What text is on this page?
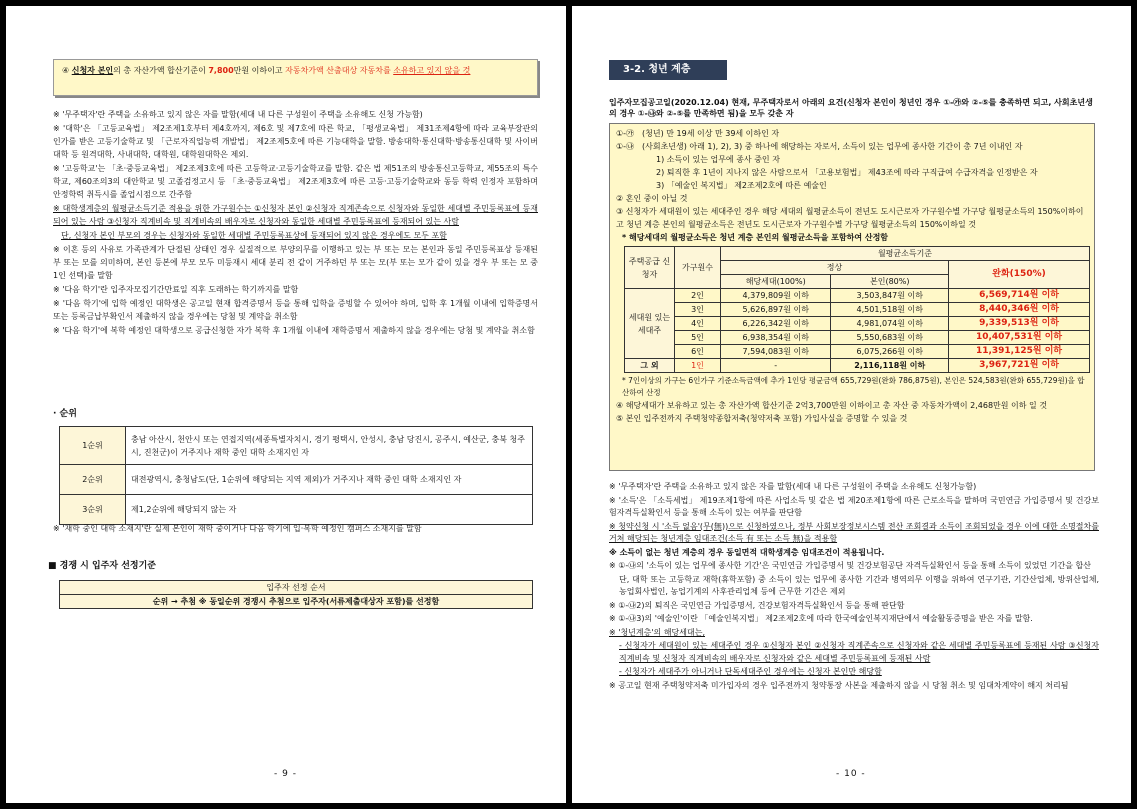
④ 신청자 본인의 총 자산가액 합산기준이 7,800만원 이하이고 자동차가액 산출대상 자동차를 소유하고 있지 않을 것
※ '무주택자'란 주택을 소유하고 있지 않은 자를 말함(세대 내 다른 구성원이 주택을 소유해도 신청 가능함)
※ '대학'은 「고등교육법」 제2조제1호부터 제4호까지, 제6호 및 제7호에 따른 학교, 「평생교육법」 제31조제4항에 따라 교육부장관의 인가를 받은 고등기술학교 및 「근로자직업능력 개발법」 제2조제5호에 따른 기능대학을 말함. 방송대학·통신대학·방송통신대학 및 사이버대학 등 원격대학, 사내대학, 대학원, 대학원대학은 제외.
※ '고등학교'는 「초·중등교육법」 제2조제3호에 따른 고등학교·고등기술학교를 말함. 같은 법 제51조의 방송통신고등학교, 제55조의 특수학교, 제60조의3의 대안학교 및 고졸검정고시 등 「초·중등교육법」 제2조제3호에 따른 고등·고등기술학교와 동등 학력 인정자 포함하며 안정학력 취득시를 졸업시점으로 간주함
※ 대학생계층의 월평균소득기준 적용을 위한 가구원수는 ①신청자 본인 ②신청자 직계존속으로 신청자와 동일한 세대별 주민등록표에 등재되어 있는 사람 ③신청자 직계비속 및 직계비속의 배우자로 신청자와 동일한 세대별 주민등록표에 등재되어 있는 사람
단, 신청자 본인 부모의 경우는 신청자와 동일한 세대별 주민등록표상에 등재되어 있지 않은 경우에도 모두 포함
※ 이혼 등의 사유로 가족관계가 단절된 상태인 경우 실질적으로 부양의무를 이행하고 있는 부 또는 모는 본인과 동일 주민등록표상 등재된 부 또는 모를 의미하며, 본인 등본에 부모 모두 미등재시 세대 분리 전 같이 거주하던 부 또는 모(부 또는 모가 같이 있을 경우 부 또는 모 중 1인 선택)를 말함
※ '다음 학기'란 입주자모집기간만료일 직후 도래하는 학기까지를 말함
※ '다음 학기'에 입학 예정인 대학생은 공고일 현재 합격증명서 등을 통해 입학을 증빙할 수 있어야 하며, 입학 후 1개월 이내에 입학증명서 또는 등록금납부확인서 제출하지 않을 경우에는 당첨 및 계약을 취소함
※ '다음 학기'에 복학 예정인 대학생으로 공급신청한 자가 복학 후 1개월 이내에 재학증명서 제출하지 않을 경우에는 당첨 및 계약을 취소함
· 순위
1순위	충남 아산시, 천안시 또는 연접지역(세종특별자치시, 경기 평택시, 안성시, 충남 당진시, 공주시, 예산군, 충북 청주시, 진천군)이 거주지나 재학 중인 대학 소재지인 자
2순위	대전광역시, 충청남도(단, 1순위에 해당되는 지역 제외)가 거주지나 재학 중인 대학 소재지인 자
3순위	제1,2순위에 해당되지 않는 자
※ '재학 중인 대학 소재지'란 실제 본인이 재학 중이거나 다음 학기에 입·복학 예정인 캠퍼스 소재지를 말함
■ 경쟁 시 입주자 선정기준
입주자 선정 순서
순위 → 추첨 ※ 동일순위 경쟁시 추첨으로 입주자(서류제출대상자 포함)를 선정함
- 9 -
3-2. 청년 계층
입주자모집공고일(2020.12.04) 현재, 무주택자로서 아래의 요건(신청자 본인이 청년인 경우 ①-㉮와 ②-⑤를 충족하면 되고, 사회초년생의 경우 ①-㉯와 ②-⑤를 만족하면 됨)을 모두 갖춘 자
①-㉮ (청년) 만 19세 이상 만 39세 이하인 자
①-㉯ (사회초년생) 아래 1), 2), 3) 중 하나에 해당하는 자로서, 소득이 있는 업무에 종사한 기간이 총 7년 이내인 자
1) 소득이 있는 업무에 종사 중인 자
2) 퇴직한 후 1년이 지나지 않은 사람으로서 「고용보험법」 제43조에 따라 구직급여 수급자격을 인정받은 자
3) 「예술인 복지법」 제2조제2호에 따른 예술인
② 혼인 중이 아닐 것
③ 신청자가 세대원이 있는 세대주인 경우 해당 세대의 월평균소득이 전년도 도시근로자 가구원수별 가구당 월평균소득의 150%이하이고 청년 계층 본인의 월평균소득은 전년도 도시근로자 가구원수별 가구당 월평균소득의 150%이하일 것
* 해당세대의 월평균소득은 청년 계층 본인의 월평균소득을 포함하여 산정함
주택공급 신청자	가구원수	월평균소득기준		
		정상		완화(150%)
		해당세대(100%)	본인(80%)	
세대원 있는 세대주	2인	4,379,809원 이하	3,503,847원 이하	6,569,714원 이하
	3인	5,626,897원 이하	4,501,518원 이하	8,440,346원 이하
	4인	6,226,342원 이하	4,981,074원 이하	9,339,513원 이하
	5인	6,938,354원 이하	5,550,683원 이하	10,407,531원 이하
	6인	7,594,083원 이하	6,075,266원 이하	11,391,125원 이하
그 외	1인	-	2,116,118원 이하	3,967,721원 이하
* 7인이상의 가구는 6인가구 기준소득금액에 추가 1인당 평균금액 655,729원(완화 786,875원), 본인은 524,583원(완화 655,729원)을 합산하여 산정
④ 해당세대가 보유하고 있는 총 자산가액 합산기준 2억3,700만원 이하이고 총 자산 중 자동차가액이 2,468만원 이하 일 것
⑤ 본인 입주전까지 주택청약종합저축(청약저축 포함) 가입사실을 증명할 수 있을 것
※ '무주택자'란 주택을 소유하고 있지 않은 자를 말함(세대 내 다른 구성원이 주택을 소유해도 신청가능함)
※ '소득'은 「소득세법」 제19조제1항에 따른 사업소득 및 같은 법 제20조제1항에 따른 근로소득을 말하며 국민연금 가입증명서 및 건강보험자격득실확인서 등을 통해 소득이 있는 여부를 판단함
※ 청약신청 시 '소득 없음'(무(無))으로 신청하였으나, 정부 사회보장정보시스템 전산 조회결과 소득이 조회되었을 경우 이에 대한 소명절차를 거쳐 해당되는 청년계층 임대조건(소득 有 또는 소득 無)을 적용함
※ 소득이 없는 청년 계층의 경우 동일면적 대학생계층 임대조건이 적용됩니다.
※ ①-㉯의 '소득이 있는 업무에 종사한 기간'은 국민연금 가입증명서 및 건강보험공단 자격득실확인서 등을 통해 소득이 있었던 기간을 합산
단, 대학 또는 고등학교 재학(휴학포함) 중 소득이 있는 업무에 종사한 기간과 병역의무 이행을 위하여 연구기관, 기간산업체, 방위산업체, 농업회사법인, 농업기계의 사후관리업체 등에 근무한 기간은 제외
※ ①-㉯2)의 퇴직은 국민연금 가입증명서, 건강보험자격득실확인서 등을 통해 판단함
※ ①-㉯3)의 '예술인'이란 「예술인복지법」 제2조제2호에 따라 한국예술인복지재단에서 예술활동증명을 받은 자를 말함.
※ '청년계층'의 해당세대는,
- 신청자가 세대원이 있는 세대주인 경우 ①신청자 본인 ②신청자 직계존속으로 신청자와 같은 세대별 주민등록표에 등재된 사람 ③신청자 직계비속 및 신청자 직계비속의 배우자로 신청자와 같은 세대별 주민등록표에 등재된 사람
- 신청자가 세대주가 아니거나 단독세대주인 경우에는 신청자 본인만 해당함
※ 공고일 현재 주택청약저축 미가입자의 경우 입주전까지 청약통장 사본을 제출하지 않을 시 당첨 취소 및 임대차계약이 해지 처리됨
- 10 -
